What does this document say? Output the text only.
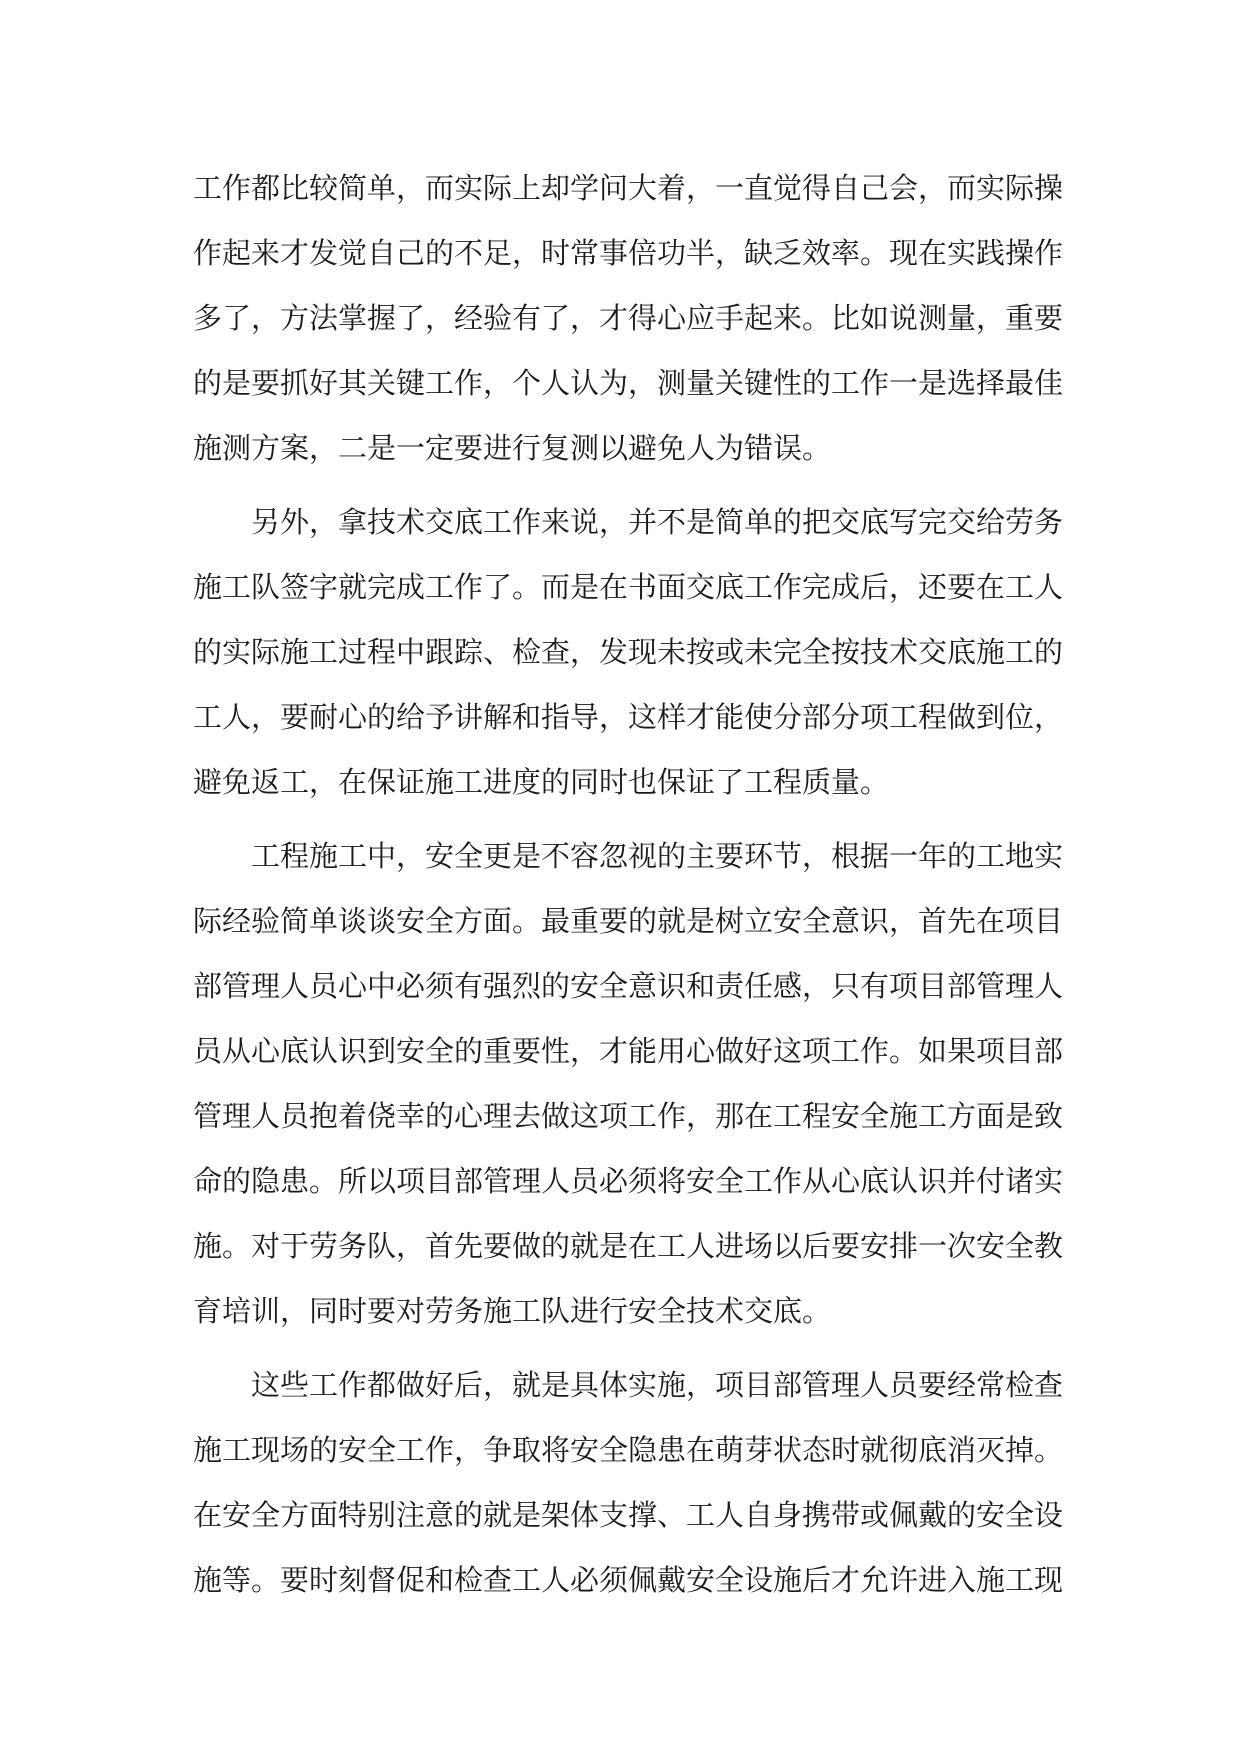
工作都比较简单，而实际上却学问大着，一直觉得自己会，而实际操
作起来才发觉自己的不足，时常事倍功半，缺乏效率。现在实践操作
多了，方法掌握了，经验有了，才得心应手起来。比如说测量，重要
的是要抓好其关键工作，个人认为，测量关键性的工作一是选择最佳
施测方案，二是一定要进行复测以避免人为错误。
另外，拿技术交底工作来说，并不是简单的把交底写完交给劳务
施工队签字就完成工作了。而是在书面交底工作完成后，还要在工人
的实际施工过程中跟踪、检查，发现未按或未完全按技术交底施工的
工人，要耐心的给予讲解和指导，这样才能使分部分项工程做到位，
避免返工，在保证施工进度的同时也保证了工程质量。
工程施工中，安全更是不容忽视的主要环节，根据一年的工地实
际经验简单谈谈安全方面。最重要的就是树立安全意识，首先在项目
部管理人员心中必须有强烈的安全意识和责任感，只有项目部管理人
员从心底认识到安全的重要性，才能用心做好这项工作。如果项目部
管理人员抱着侥幸的心理去做这项工作，那在工程安全施工方面是致
命的隐患。所以项目部管理人员必须将安全工作从心底认识并付诸实
施。对于劳务队，首先要做的就是在工人进场以后要安排一次安全教
育培训，同时要对劳务施工队进行安全技术交底。
这些工作都做好后，就是具体实施，项目部管理人员要经常检查
施工现场的安全工作，争取将安全隐患在萌芽状态时就彻底消灭掉。
在安全方面特别注意的就是架体支撑、工人自身携带或佩戴的安全设
施等。要时刻督促和检查工人必须佩戴安全设施后才允许进入施工现
